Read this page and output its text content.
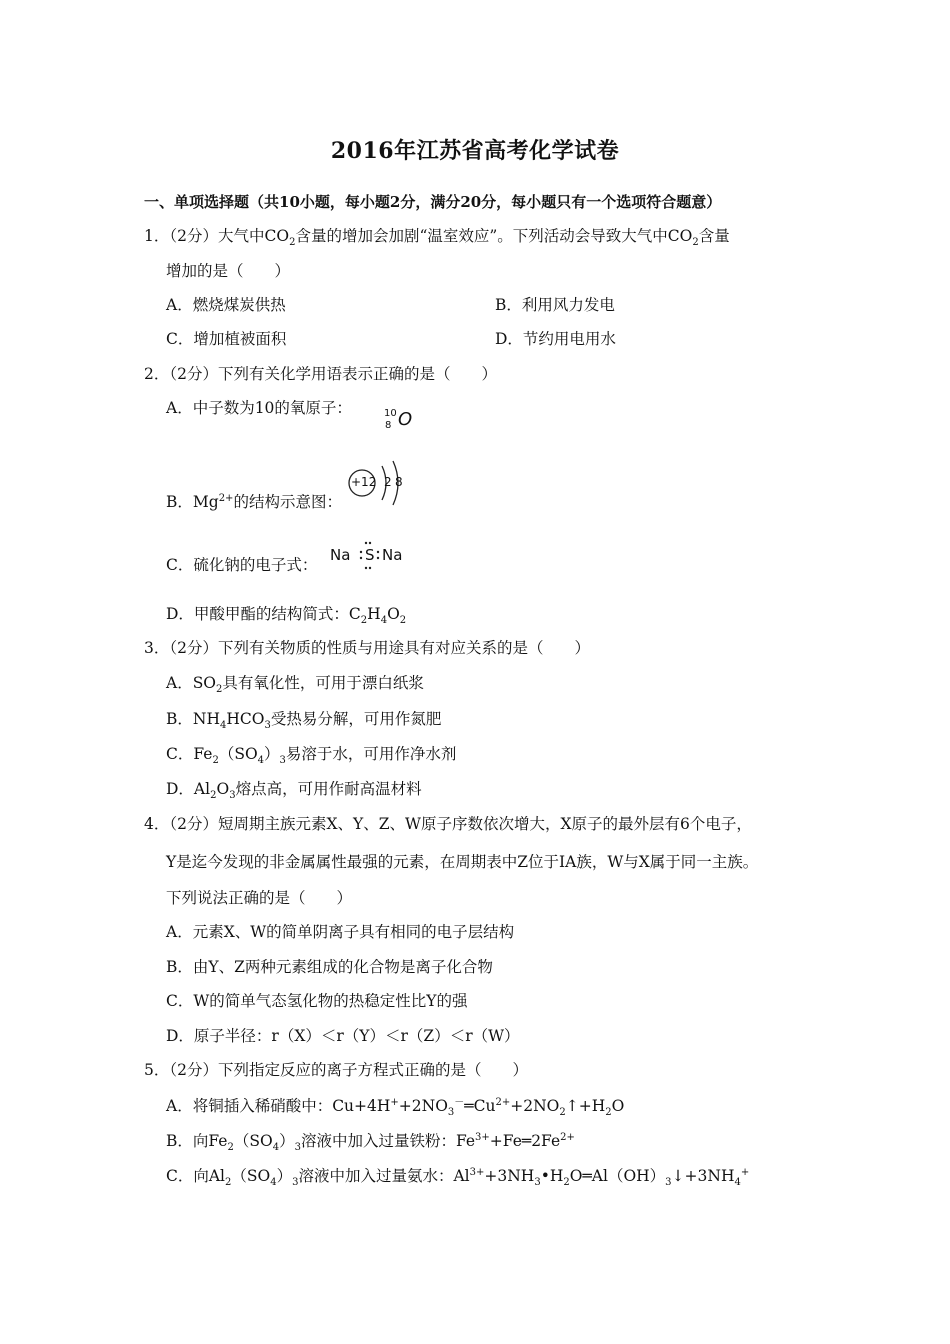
2016年江苏省高考化学试卷
一、单项选择题（共10小题，每小题2分，满分20分，每小题只有一个选项符合题意）
1．（2分）大气中$CO_2$含量的增加会加剧“温室效应”。下列活动会导致大气中$CO_2$含量
增加的是（　　）
A．燃烧煤炭供热	B．利用风力发电
C．增加植被面积	D．节约用电用水
2．（2分）下列有关化学用语表示正确的是（　　）
A．中子数为10的氧原子：	10
8 O
B．$Mg^{2+}$的结构示意图：
+12 2 8
C．硫化钠的电子式：
Na S Na
D．甲酸甲酯的结构简式：$C_2H_4O_2$
3．（2分）下列有关物质的性质与用途具有对应关系的是（　　）
A．$SO_2$具有氧化性，可用于漂白纸浆
B．$NH_4HCO_3$受热易分解，可用作氮肥
C．$Fe_2(SO_4)_3$易溶于水，可用作净水剂
D．$Al_2O_3$熔点高，可用作耐高温材料
4．（2分）短周期主族元素X、Y、Z、W原子序数依次增大，X原子的最外层有6个电子，
Y是迄今发现的非金属属性最强的元素，在周期表中Z位于IA族，W与X属于同一主族。
下列说法正确的是（　　）
A．元素X、W的简单阴离子具有相同的电子层结构
B．由Y、Z两种元素组成的化合物是离子化合物
C．W的简单气态氢化物的热稳定性比Y的强
D．原子半径：r（X）＜r（Y）＜r（Z）＜r（W）
5．（2分）下列指定反应的离子方程式正确的是（　　）
A．将铜插入稀硝酸中：$Cu+4H^++2NO_3^-═Cu^{2+}+2NO_2↑+H_2O$
B．向$Fe_2(SO_4)_3$溶液中加入过量铁粉：$Fe^{3+}+Fe═2Fe^{2+}$
C．向$Al_2(SO_4)_3$溶液中加入过量氨水：$Al^{3+}+3NH_3•H_2O═Al(OH)_3↓+3NH_4^+$
